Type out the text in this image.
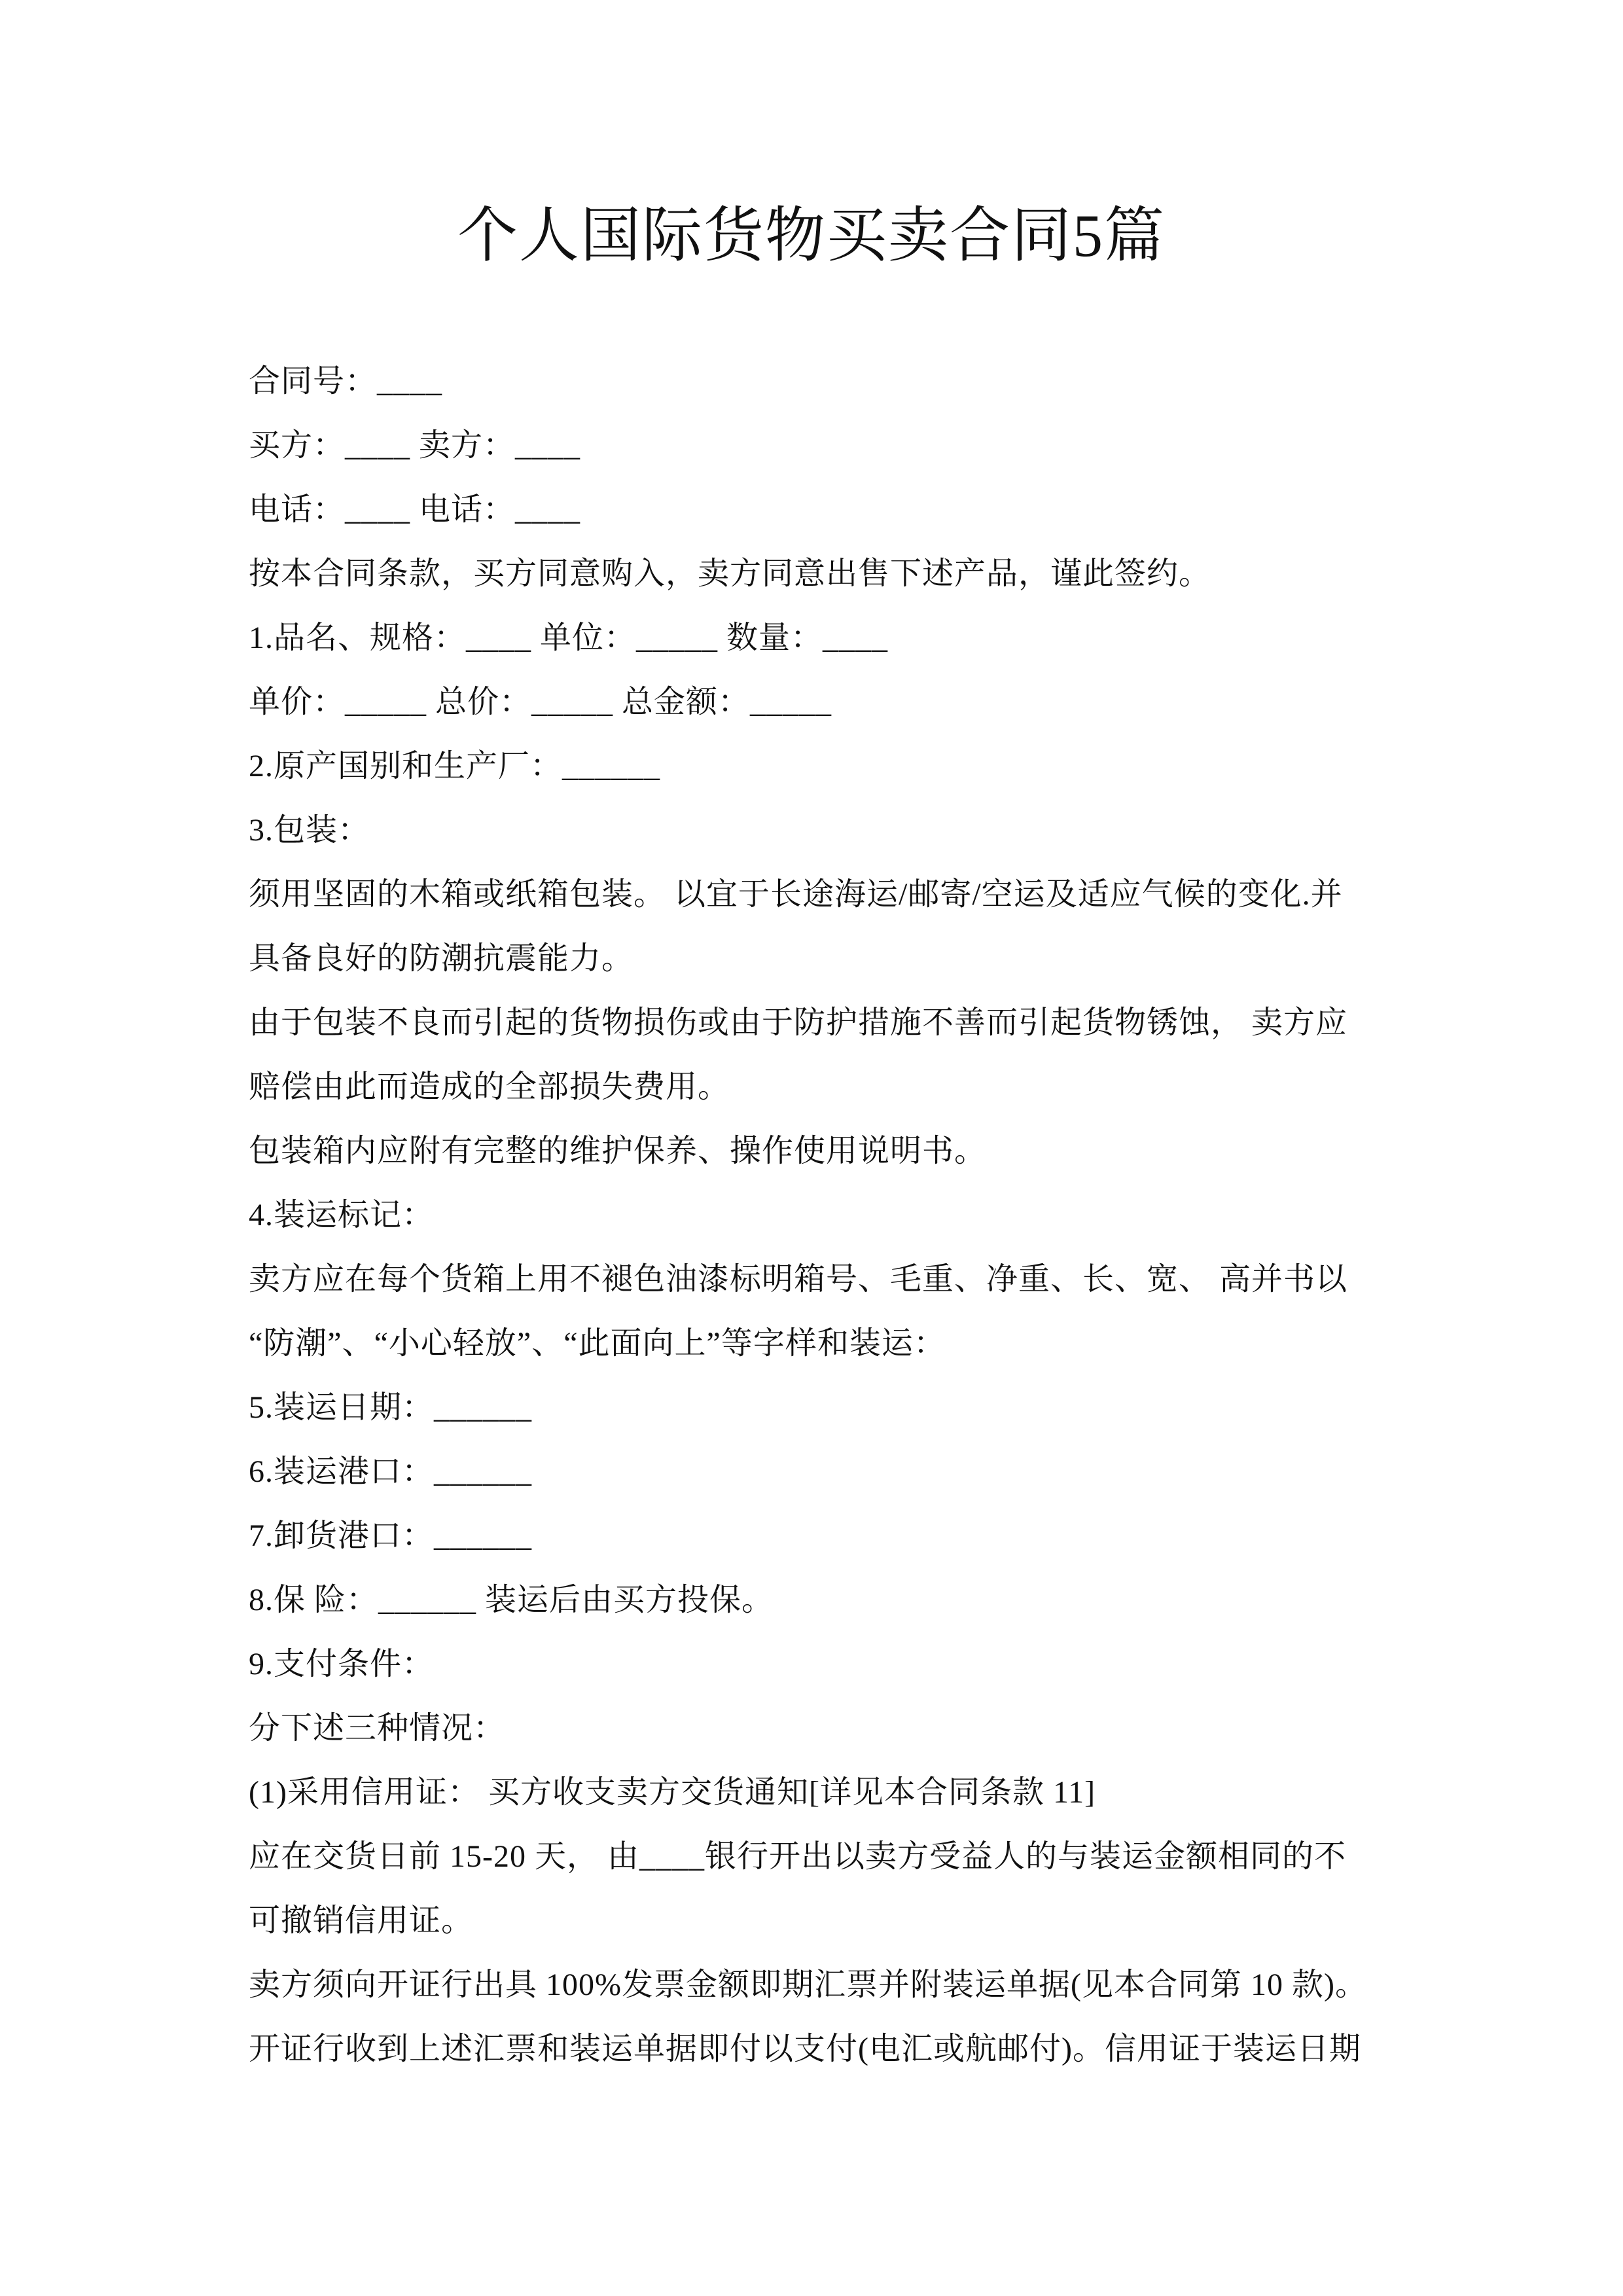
个人国际货物买卖合同5篇
合同号：____
买方：____ 卖方：____
电话：____ 电话：____
按本合同条款，买方同意购入，卖方同意出售下述产品，谨此签约。
1.品名、规格：____ 单位：_____ 数量：____
单价：_____ 总价：_____ 总金额：_____
2.原产国别和生产厂：______
3.包装：
须用坚固的木箱或纸箱包装。 以宜于长途海运/邮寄/空运及适应气候的变化.并
具备良好的防潮抗震能力。
由于包装不良而引起的货物损伤或由于防护措施不善而引起货物锈蚀， 卖方应
赔偿由此而造成的全部损失费用。
包装箱内应附有完整的维护保养、操作使用说明书。
4.装运标记：
卖方应在每个货箱上用不褪色油漆标明箱号、毛重、净重、长、宽、 高并书以
“防潮”、“小心轻放”、“此面向上”等字样和装运：
5.装运日期：______
6.装运港口：______
7.卸货港口：______
8.保 险：______ 装运后由买方投保。
9.支付条件：
分下述三种情况：
(1)采用信用证： 买方收支卖方交货通知[详见本合同条款 11]
应在交货日前 15-20 天， 由____银行开出以卖方受益人的与装运金额相同的不
可撤销信用证。
卖方须向开证行出具 100%发票金额即期汇票并附装运单据(见本合同第 10 款)。
开证行收到上述汇票和装运单据即付以支付(电汇或航邮付)。信用证于装运日期
